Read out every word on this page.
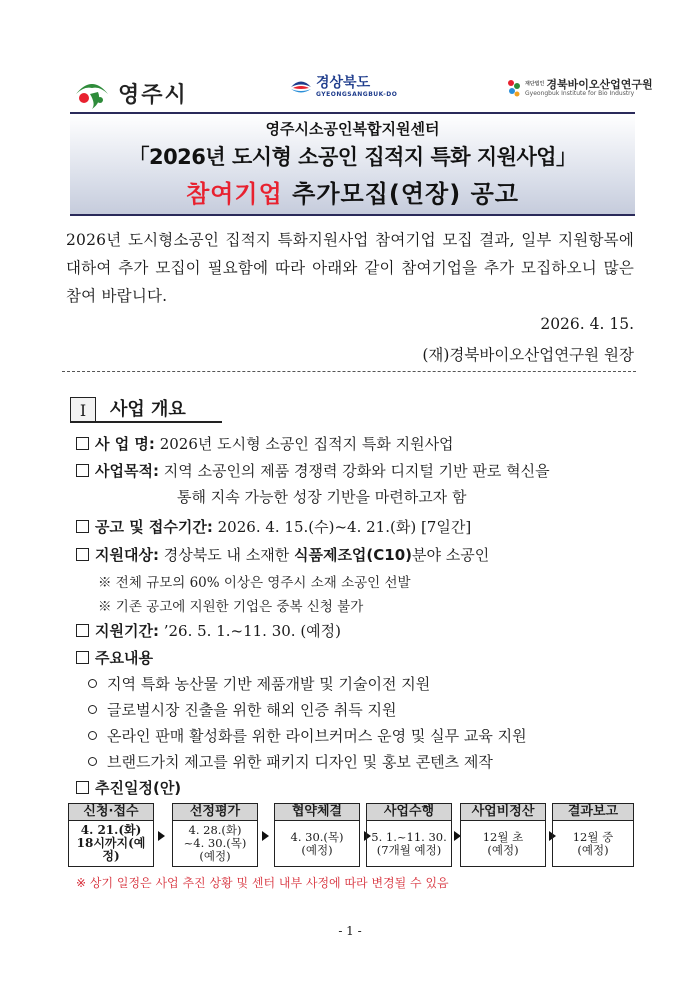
영주시	경상북도
GYEONGSANGBUK-DO
재단법인 경북바이오산업연구원
Gyeongbuk Institute for Bio Industry
영주시소공인복합지원센터
「2026년 도시형 소공인 집적지 특화 지원사업」
참여기업 추가모집(연장) 공고
2026년 도시형소공인 집적지 특화지원사업 참여기업 모집 결과, 일부 지원항목에 대하여 추가 모집이 필요함에 따라 아래와 같이 참여기업을 추가 모집하오니 많은 참여 바랍니다.
2026. 4. 15.
(재)경북바이오산업연구원 원장
Ⅰ	사업 개요
사 업 명: 2026년 도시형 소공인 집적지 특화 지원사업
사업목적: 지역 소공인의 제품 경쟁력 강화와 디지털 기반 판로 혁신을
통해 지속 가능한 성장 기반을 마련하고자 함
공고 및 접수기간: 2026. 4. 15.(수)~4. 21.(화) [7일간]
지원대상: 경상북도 내 소재한 식품제조업(C10)분야 소공인
※ 전체 규모의 60% 이상은 영주시 소재 소공인 선발
※ 기존 공고에 지원한 기업은 중복 신청 불가
지원기간: ’26. 5. 1.~11. 30. (예정)
주요내용
지역 특화 농산물 기반 제품개발 및 기술이전 지원
글로벌시장 진출을 위한 해외 인증 취득 지원
온라인 판매 활성화를 위한 라이브커머스 운영 및 실무 교육 지원
브랜드가치 제고를 위한 패키지 디자인 및 홍보 콘텐츠 제작
추진일정(안)
신청·접수
4. 21.(화)
18시까지(예정)
선정평가
4. 28.(화)
~4. 30.(목)
(예정)
협약체결
4. 30.(목)
(예정)
사업수행
5. 1.~11. 30.
(7개월 예정)
사업비정산
12월 초
(예정)
결과보고
12월 중
(예정)
※ 상기 일정은 사업 추진 상황 및 센터 내부 사정에 따라 변경될 수 있음
- 1 -
